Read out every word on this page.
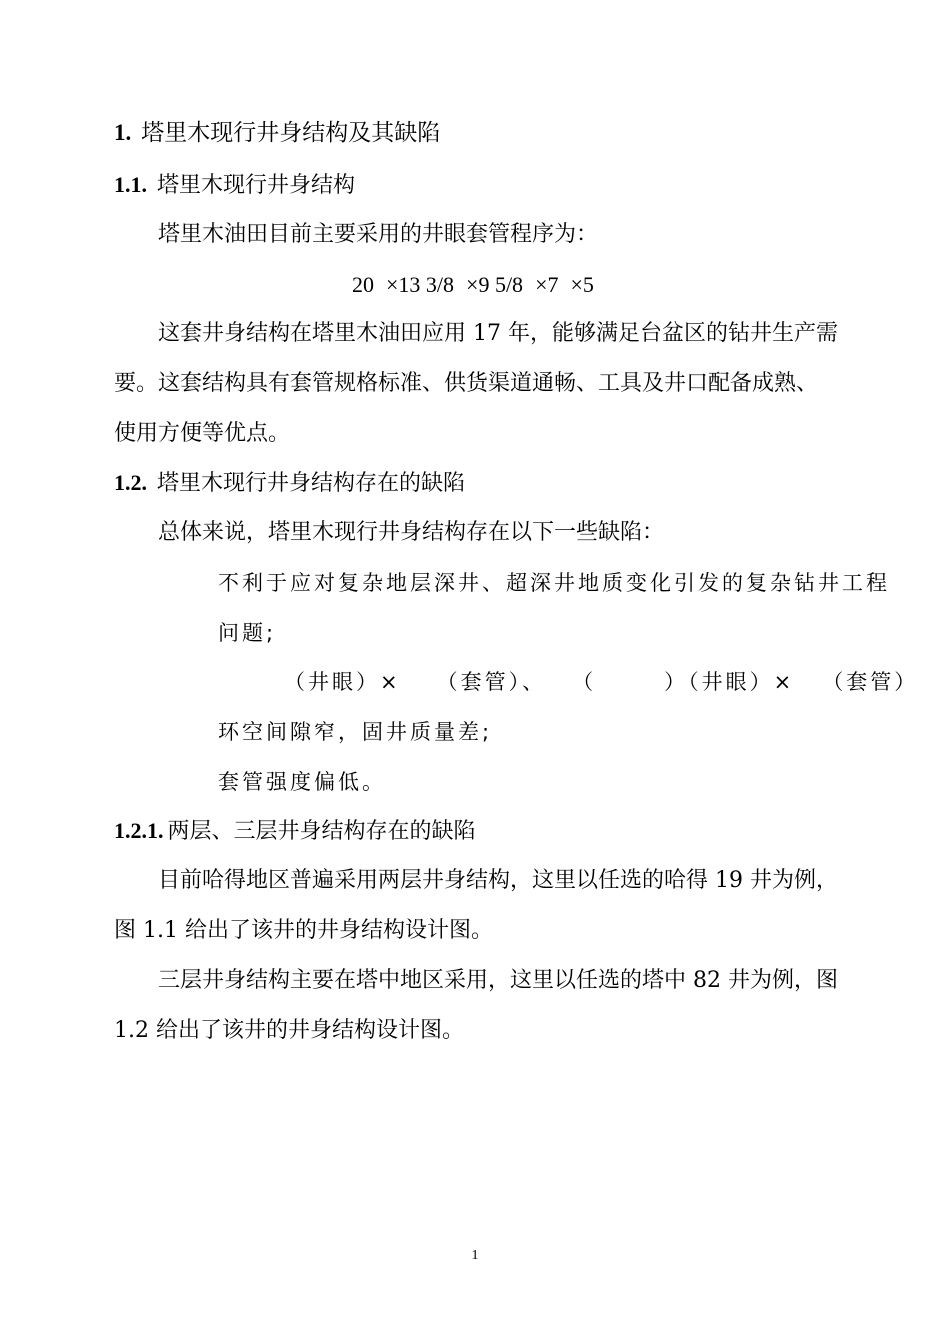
1. 塔里木现行井身结构及其缺陷
1.1. 塔里木现行井身结构
塔里木油田目前主要采用的井眼套管程序为：
20 ×13 3/8 ×9 5/8 ×7 ×5
这套井身结构在塔里木油田应用 17 年，能够满足台盆区的钻井生产需
要。这套结构具有套管规格标准、供货渠道通畅、工具及井口配备成熟、
使用方便等优点。
1.2. 塔里木现行井身结构存在的缺陷
总体来说，塔里木现行井身结构存在以下一些缺陷：
不利于应对复杂地层深井、超深井地质变化引发的复杂钻井工程
问题;
（井眼）× （套管）、 （	）（井眼）× （套管）
环空间隙窄，固井质量差;
套管强度偏低。
1.2.1. 两层、三层井身结构存在的缺陷
目前哈得地区普遍采用两层井身结构，这里以任选的哈得 19 井为例，
图 1.1 给出了该井的井身结构设计图。
三层井身结构主要在塔中地区采用，这里以任选的塔中 82 井为例，图
1.2 给出了该井的井身结构设计图。
1
